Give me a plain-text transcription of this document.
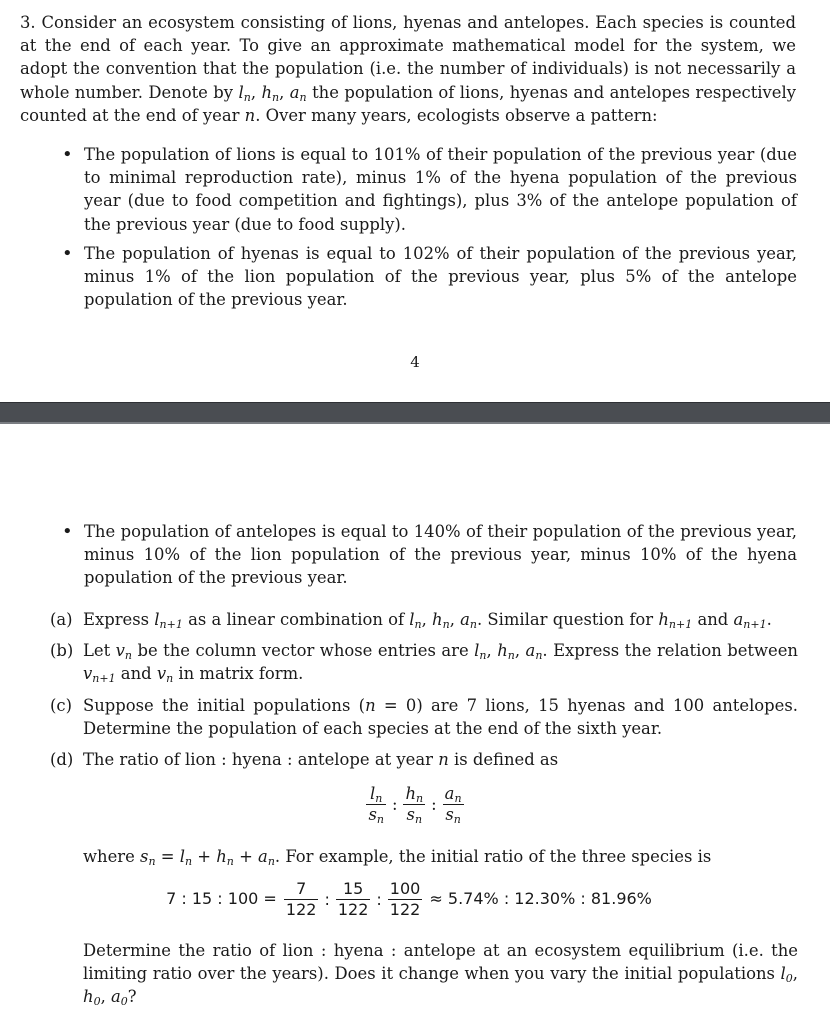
3. Consider an ecosystem consisting of lions, hyenas and antelopes. Each species is counted at the end of each year. To give an approximate mathematical model for the system, we adopt the convention that the population (i.e. the number of individuals) is not necessarily a whole number. Denote by $l_n$, $h_n$, $a_n$ the population of lions, hyenas and antelopes respectively counted at the end of year n. Over many years, ecologists observe a pattern:
• The population of lions is equal to 101% of their population of the previous year (due to minimal reproduction rate), minus 1% of the hyena population of the previous year (due to food competition and fightings), plus 3% of the antelope population of the previous year (due to food supply).
• The population of hyenas is equal to 102% of their population of the previous year, minus 1% of the lion population of the previous year, plus 5% of the antelope population of the previous year.
4
• The population of antelopes is equal to 140% of their population of the previous year, minus 10% of the lion population of the previous year, minus 10% of the hyena population of the previous year.
(a) Express $l_{n+1}$ as a linear combination of $l_n$, $h_n$, $a_n$. Similar question for $h_{n+1}$ and $a_{n+1}$.
(b) Let $v_n$ be the column vector whose entries are $l_n$, $h_n$, $a_n$. Express the relation between $v_{n+1}$ and $v_n$ in matrix form.
(c) Suppose the initial populations (n = 0) are 7 lions, 15 hyenas and 100 antelopes. Determine the population of each species at the end of the sixth year.
(d) The ratio of lion : hyena : antelope at year n is defined as
$\frac{l_n}{s_n}$ : $\frac{h_n}{s_n}$ : $\frac{a_n}{s_n}$
where $s_n = l_n + h_n + a_n$. For example, the initial ratio of the three species is
7 : 15 : $100 = \frac{7}{122}$ : $\frac{15}{122}$ : $\frac{100}{122} \approx 5.74\%$ : 12.30% : 81.96%
Determine the ratio of lion : hyena : antelope at an ecosystem equilibrium (i.e. the limiting ratio over the years). Does it change when you vary the initial populations $l_0$, $h_0$, $a_0$?
